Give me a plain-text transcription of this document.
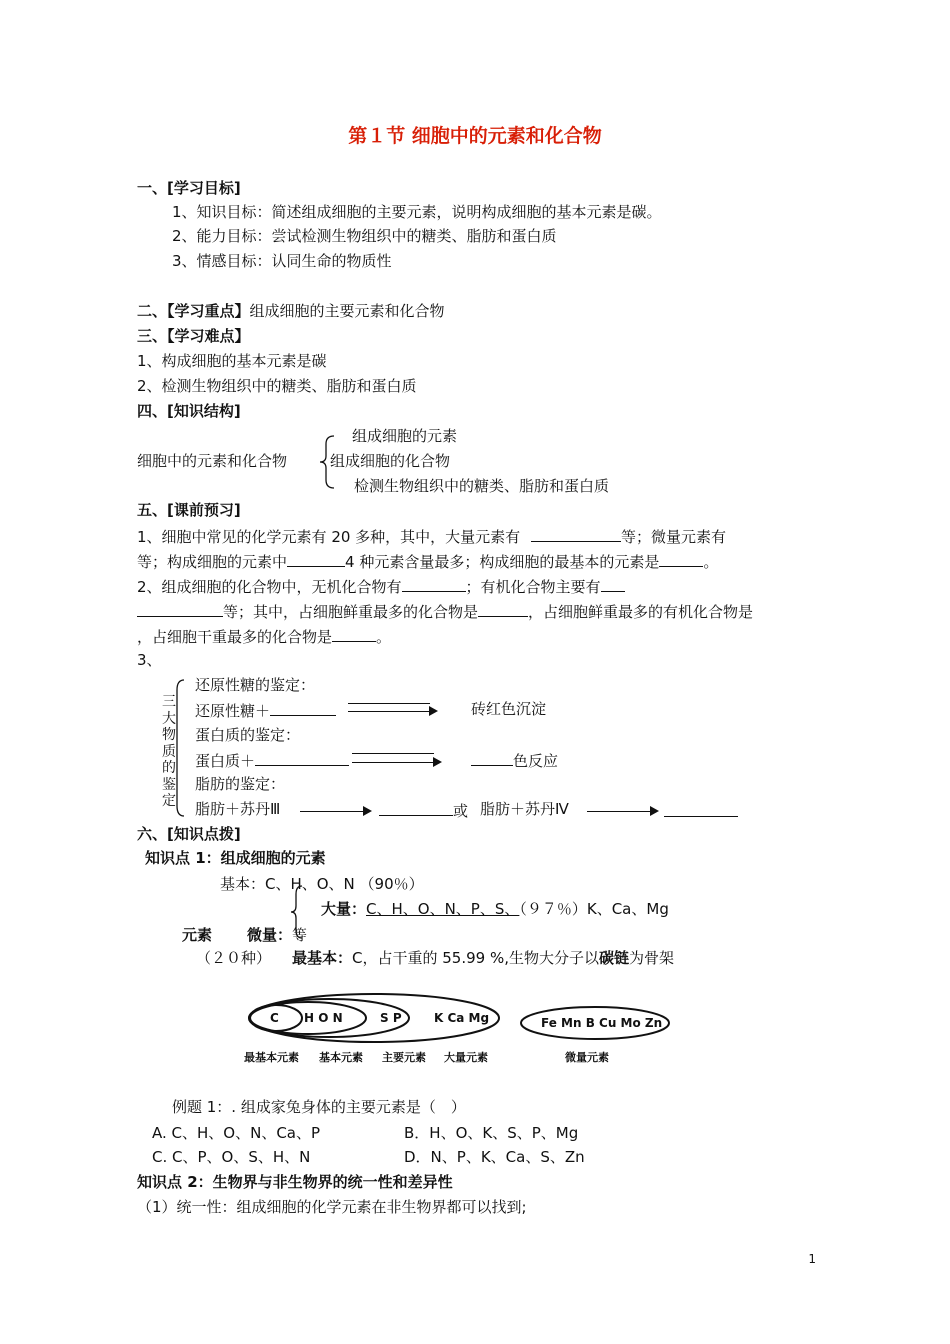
第１节 细胞中的元素和化合物
一、[学习目标]
1、知识目标：简述组成细胞的主要元素，说明构成细胞的基本元素是碳。
2、能力目标：尝试检测生物组织中的糖类、脂肪和蛋白质
3、情感目标：认同生命的物质性
二、【学习重点】组成细胞的主要元素和化合物
三、【学习难点】
1、构成细胞的基本元素是碳
2、检测生物组织中的糖类、脂肪和蛋白质
四、[知识结构]
细胞中的元素和化合物
组成细胞的元素
组成细胞的化合物
检测生物组织中的糖类、脂肪和蛋白质
五、[课前预习]
1、细胞中常见的化学元素有 20 多种，其中，大量元素有	等；微量元素有
等；构成细胞的元素中	4 种元素含量最多；构成细胞的最基本的元素是	。
2、组成细胞的化合物中，无机化合物有	；有机化合物主要有
等；其中，占细胞鲜重最多的化合物是	，占细胞鲜重最多的有机化合物是
，占细胞干重最多的化合物是	。
3、
三大物质的鉴定
还原性糖的鉴定：
还原性糖＋	砖红色沉淀
蛋白质的鉴定：
蛋白质＋	色反应
脂肪的鉴定：
脂肪＋苏丹Ⅲ	或 脂肪＋苏丹Ⅳ
六、[知识点拨]
知识点 1：组成细胞的元素
基本：C、H、O、N （90％）
大量：C、H、O、N、P、S、（９７％）K、Ca、Mg
元素 微量：等
（２０种） 最基本：C，占干重的 55.99 %,生物大分子以碳链为骨架
C H O N	S P	K Ca Mg	Fe Mn B Cu Mo Zn
最基本元素 基本元素 主要元素 大量元素	微量元素
例题 1：. 组成家兔身体的主要元素是（　）
A. C、H、O、N、Ca、P	B．H、O、K、S、P、Mg
C. C、P、O、S、H、N	D．N、P、K、Ca、S、Zn
知识点 2：生物界与非生物界的统一性和差异性
（1）统一性：组成细胞的化学元素在非生物界都可以找到;
1
